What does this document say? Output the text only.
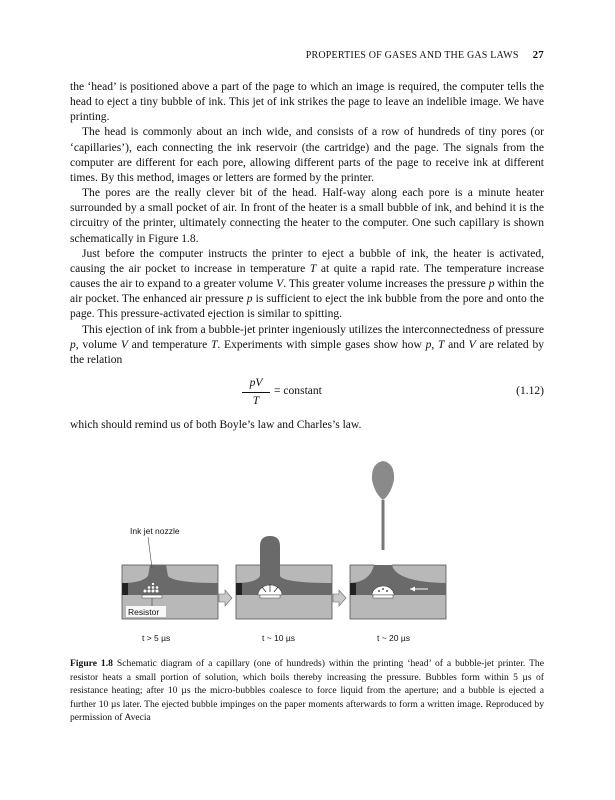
PROPERTIES OF GASES AND THE GAS LAWS 27

the ‘head’ is positioned above a part of the page to which an image is required, the computer tells the head to eject a tiny bubble of ink. This jet of ink strikes the page to leave an indelible image. We have printing.

The head is commonly about an inch wide, and consists of a row of hundreds of tiny pores (or ‘capillaries’), each connecting the ink reservoir (the cartridge) and the page. The signals from the computer are different for each pore, allowing different parts of the page to receive ink at different times. By this method, images or letters are formed by the printer.

The pores are the really clever bit of the head. Half-way along each pore is a minute heater surrounded by a small pocket of air. In front of the heater is a small bubble of ink, and behind it is the circuitry of the printer, ultimately connecting the heater to the computer. One such capillary is shown schematically in Figure 1.8.

Just before the computer instructs the printer to eject a bubble of ink, the heater is activated, causing the air pocket to increase in temperature T at quite a rapid rate. The temperature increase causes the air to expand to a greater volume V. This greater volume increases the pressure p within the air pocket. The enhanced air pressure p is sufficient to eject the ink bubble from the pore and onto the page. This pressure-activated ejection is similar to spitting.

This ejection of ink from a bubble-jet printer ingeniously utilizes the interconnectedness of pressure p, volume V and temperature T. Experiments with simple gases show how p, T and V are related by the relation

$\frac{pV}{T}$ = constant	(1.12)

which should remind us of both Boyle’s law and Charles’s law.

Resistor
Ink jet nozzle
t > 5 µs	t ~ 10 µs	t ~ 20 µs
Figure 1.8 Schematic diagram of a capillary (one of hundreds) within the printing ‘head’ of a bubble-jet printer. The resistor heats a small portion of solution, which boils thereby increasing the pressure. Bubbles form within 5 µs of resistance heating; after 10 µs the micro-bubbles coalesce to force liquid from the aperture; and a bubble is ejected a further 10 µs later. The ejected bubble impinges on the paper moments afterwards to form a written image. Reproduced by permission of Avecia
